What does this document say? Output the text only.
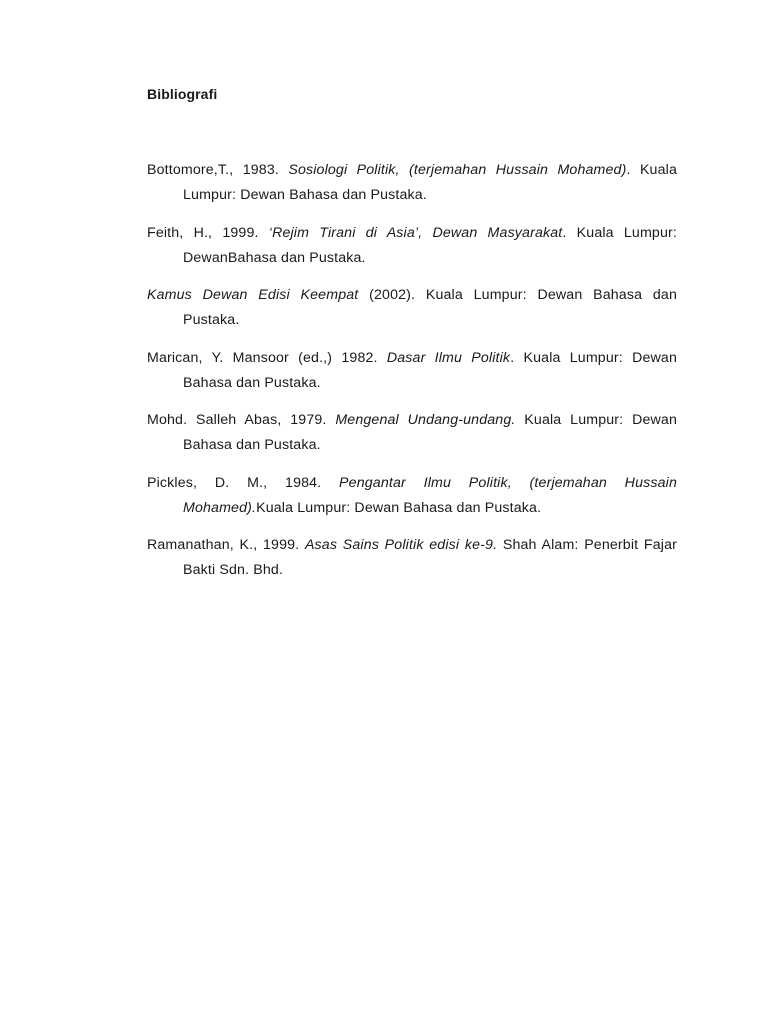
Bibliografi
Bottomore,T., 1983. Sosiologi Politik, (terjemahan Hussain Mohamed). Kuala Lumpur: Dewan Bahasa dan Pustaka.
Feith, H., 1999. ‘Rejim Tirani di Asia’, Dewan Masyarakat. Kuala Lumpur: DewanBahasa dan Pustaka.
Kamus Dewan Edisi Keempat (2002). Kuala Lumpur: Dewan Bahasa dan Pustaka.
Marican, Y. Mansoor (ed.,) 1982. Dasar Ilmu Politik. Kuala Lumpur: Dewan Bahasa dan Pustaka.
Mohd. Salleh Abas, 1979. Mengenal Undang-undang. Kuala Lumpur: Dewan Bahasa dan Pustaka.
Pickles, D. M., 1984. Pengantar Ilmu Politik, (terjemahan Hussain Mohamed).Kuala Lumpur: Dewan Bahasa dan Pustaka.
Ramanathan, K., 1999. Asas Sains Politik edisi ke-9. Shah Alam: Penerbit Fajar Bakti Sdn. Bhd.
